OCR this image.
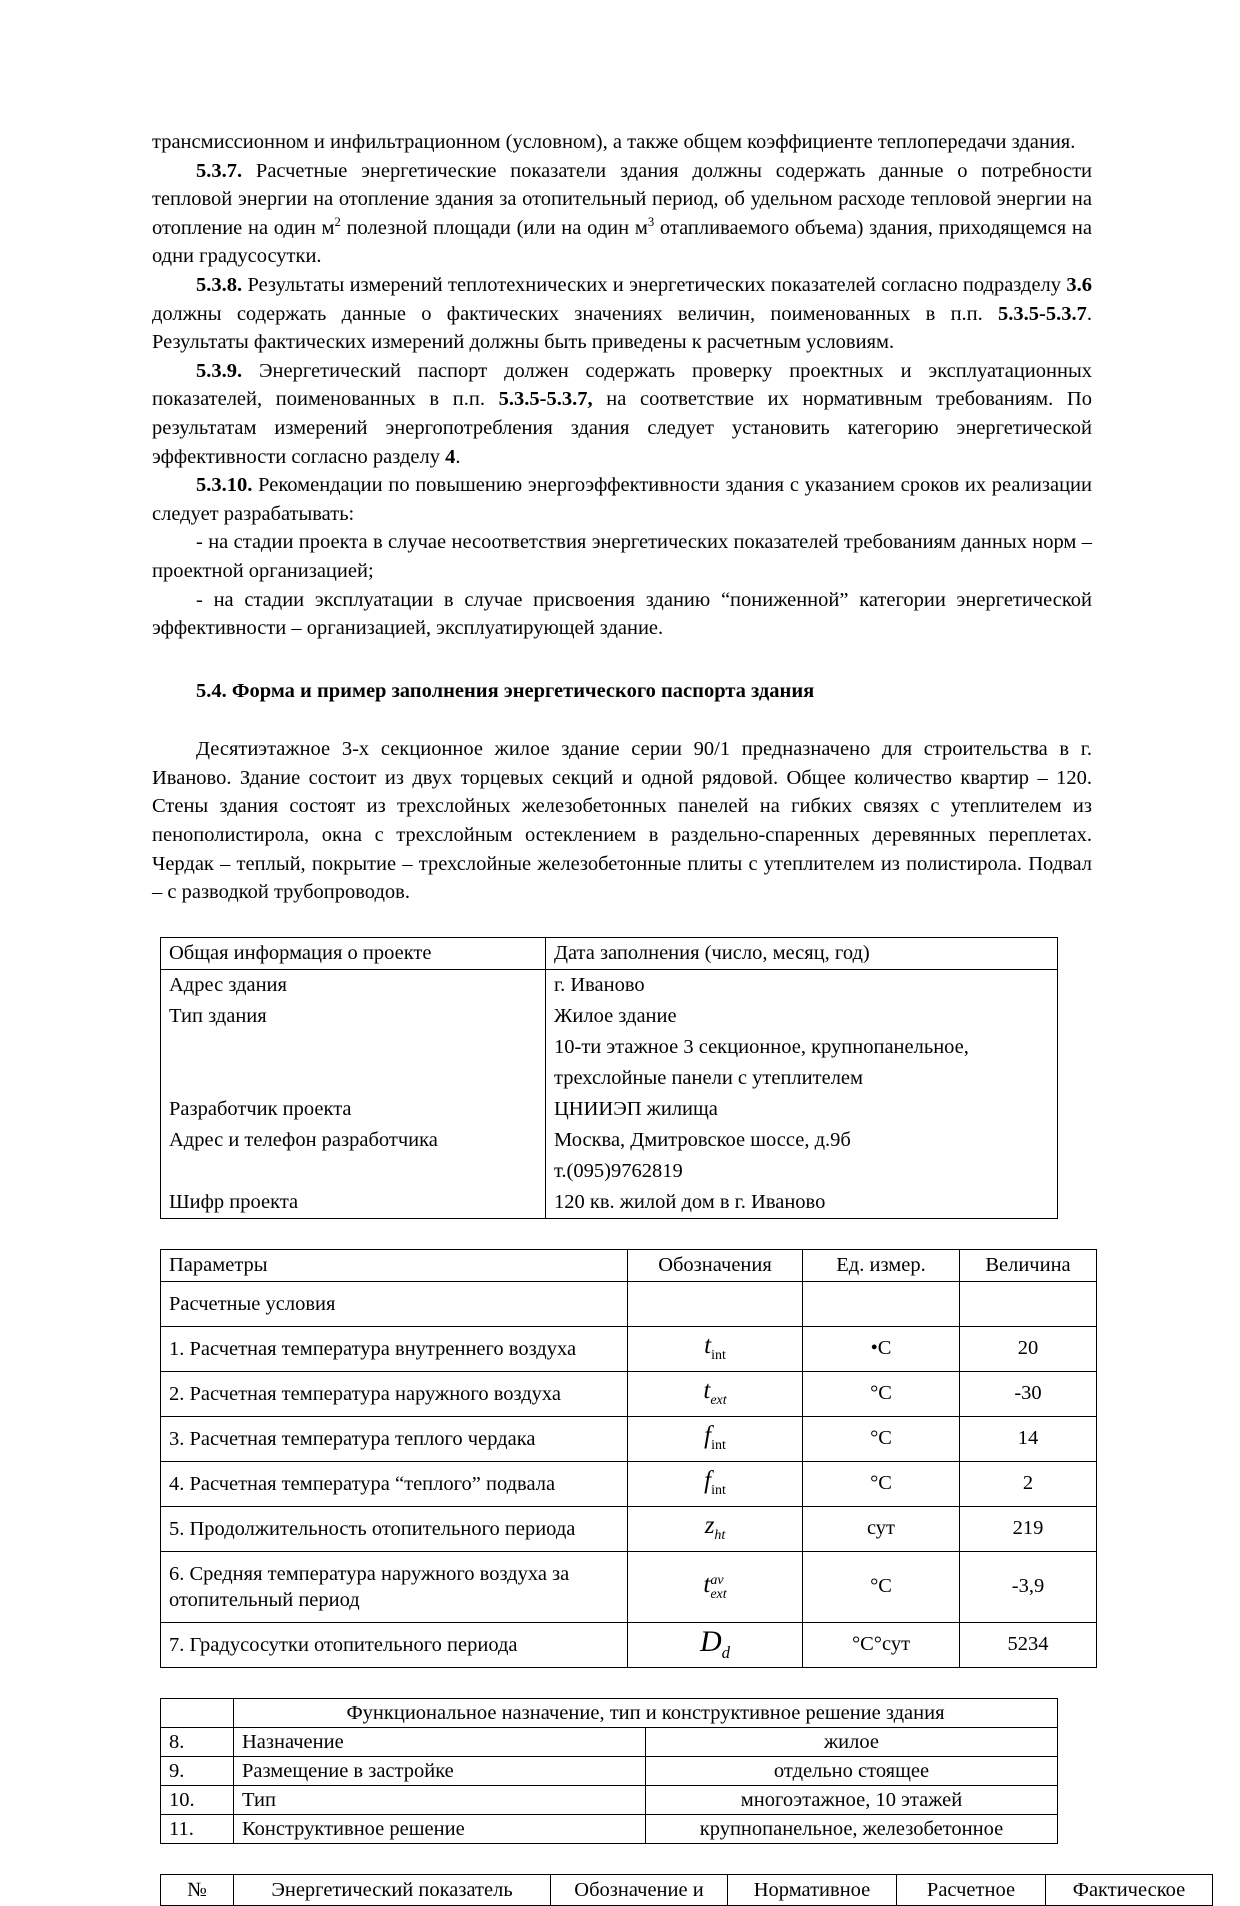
трансмиссионном и инфильтрационном (условном), а также общем коэффициенте теплопередачи здания.

5.3.7. Расчетные энергетические показатели здания должны содержать данные о потребности тепловой энергии на отопление здания за отопительный период, об удельном расходе тепловой энергии на отопление на один $м^2$ полезной площади (или на один $м^3$ отапливаемого объема) здания, приходящемся на одни градусосутки.

5.3.8. Результаты измерений теплотехнических и энергетических показателей согласно подразделу 3.6 должны содержать данные о фактических значениях величин, поименованных в п.п. 5.3.5-5.3.7. Результаты фактических измерений должны быть приведены к расчетным условиям.

5.3.9. Энергетический паспорт должен содержать проверку проектных и эксплуатационных показателей, поименованных в п.п. 5.3.5-5.3.7, на соответствие их нормативным требованиям. По результатам измерений энергопотребления здания следует установить категорию энергетической эффективности согласно разделу 4.

5.3.10. Рекомендации по повышению энергоэффективности здания с указанием сроков их реализации следует разрабатывать:

- на стадии проекта в случае несоответствия энергетических показателей требованиям данных норм – проектной организацией;

- на стадии эксплуатации в случае присвоения зданию “пониженной” категории энергетической эффективности – организацией, эксплуатирующей здание.

5.4. Форма и пример заполнения энергетического паспорта здания

Десятиэтажное 3-х секционное жилое здание серии 90/1 предназначено для строительства в г. Иваново. Здание состоит из двух торцевых секций и одной рядовой. Общее количество квартир – 120. Стены здания состоят из трехслойных железобетонных панелей на гибких связях с утеплителем из пенополистирола, окна с трехслойным остеклением в раздельно-спаренных деревянных переплетах. Чердак – теплый, покрытие – трехслойные железобетонные плиты с утеплителем из полистирола. Подвал – с разводкой трубопроводов.

Общая информация о проекте	Дата заполнения (число, месяц, год)
Адрес здания	г. Иваново
Тип здания	Жилое здание
	10-ти этажное 3 секционное, крупнопанельное,
	трехслойные панели с утеплителем
Разработчик проекта	ЦНИИЭП жилища
Адрес и телефон разработчика	Москва, Дмитровское шоссе, д.9б
	т.(095)9762819
Шифр проекта	120 кв. жилой дом в г. Иваново
Параметры	Обозначения	Ед. измер.	Величина
Расчетные условия			
1. Расчетная температура внутреннего воздуха	$t_{int}$	•C	20
2. Расчетная температура наружного воздуха	$t_{ext}$	°C	-30
3. Расчетная температура теплого чердака	$f_{int}$	°C	14
4. Расчетная температура “теплого” подвала	$f_{int}$	°C	2
5. Продолжительность отопительного периода	$z_{ht}$	сут	219
6. Средняя температура наружного воздуха за отопительный период	t av
ext	°C	-3,9
7. Градусосутки отопительного периода	$D_d$	°C°сут	5234
	Функциональное назначение, тип и конструктивное решение здания	
8.	Назначение	жилое
9.	Размещение в застройке	отдельно стоящее
10.	Тип	многоэтажное, 10 этажей
11.	Конструктивное решение	крупнопанельное, железобетонное
№	Энергетический показатель	Обозначение и	Нормативное	Расчетное	Фактическое
